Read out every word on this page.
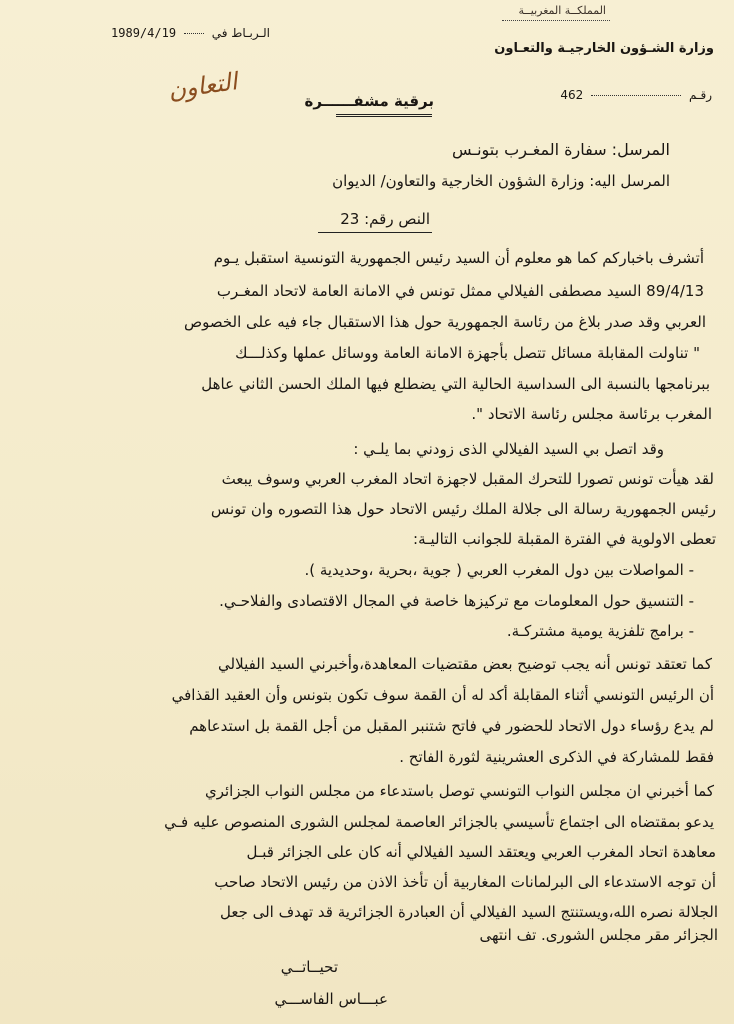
المملكــة المغربيــة
وزارة الشـؤون الخارجيـة والتعـاون
رقـم  462
الـربـاط في  1989/4/19
التعاون	برقية مشفــــــرة
المرسل: سفارة المغـرب بتونـس
المرسل اليه: وزارة الشؤون الخارجية والتعاون/ الديوان
النص رقم: 23
أتشرف باخباركم كما هو معلوم أن السيد رئيس الجمهورية التونسية استقبل يـوم
89/4/13 السيد مصطفى الفيلالي ممثل تونس في الامانة العامة لاتحاد المغـرب
العربي وقد صدر بلاغ من رئاسة الجمهورية حول هذا الاستقبال جاء فيه على الخصوص
" تناولت المقابلة مسائل تتصل بأجهزة الامانة العامة ووسائل عملها وكذلـــك
ببرنامجها بالنسبة الى السداسية الحالية التي يضطلع فيها الملك الحسن الثاني عاهل
المغرب برئاسة مجلس رئاسة الاتحاد ".
وقد اتصل بي السيد الفيلالي الذى زودني بما يلـي :
لقد هيأت تونس تصورا للتحرك المقبل لاجهزة اتحاد المغرب العربي وسوف يبعث
رئيس الجمهورية رسالة الى جلالة الملك رئيس الاتحاد حول هذا التصوره وان تونس
تعطى الاولوية في الفترة المقبلة للجوانب التاليـة:
- المواصلات بين دول المغرب العربي ( جوية ،بحرية ،وحديدية ).
- التنسيق حول المعلومات مع تركيزها خاصة في المجال الاقتصادى والفلاحـي.
- برامج تلفزية يومية مشتركـة.
كما تعتقد تونس أنه يجب توضيح بعض مقتضيات المعاهدة،وأخبرني السيد الفيلالي
أن الرئيس التونسي أثناء المقابلة أكد له أن القمة سوف تكون بتونس وأن العقيد القذافي
لم يدع رؤساء دول الاتحاد للحضور في فاتح شتنبر المقبل من أجل القمة بل استدعاهم
فقط للمشاركة في الذكرى العشرينية لثورة الفاتح .
كما أخبرني ان مجلس النواب التونسي توصل باستدعاء من مجلس النواب الجزائري
يدعو بمقتضاه الى اجتماع تأسيسي بالجزائر العاصمة لمجلس الشورى المنصوص عليه فـي
معاهدة اتحاد المغرب العربي ويعتقد السيد الفيلالي أنه كان على الجزائر قبـل
أن توجه الاستدعاء الى البرلمانات المغاربية أن تأخذ الاذن من رئيس الاتحاد صاحب
الجلالة نصره الله،ويستنتج السيد الفيلالي أن العبادرة الجزائرية قد تهدف الى جعل
الجزائر مقر مجلس الشورى. تف انتهى
تحيــاتــي
عبـــاس الفاســـي
